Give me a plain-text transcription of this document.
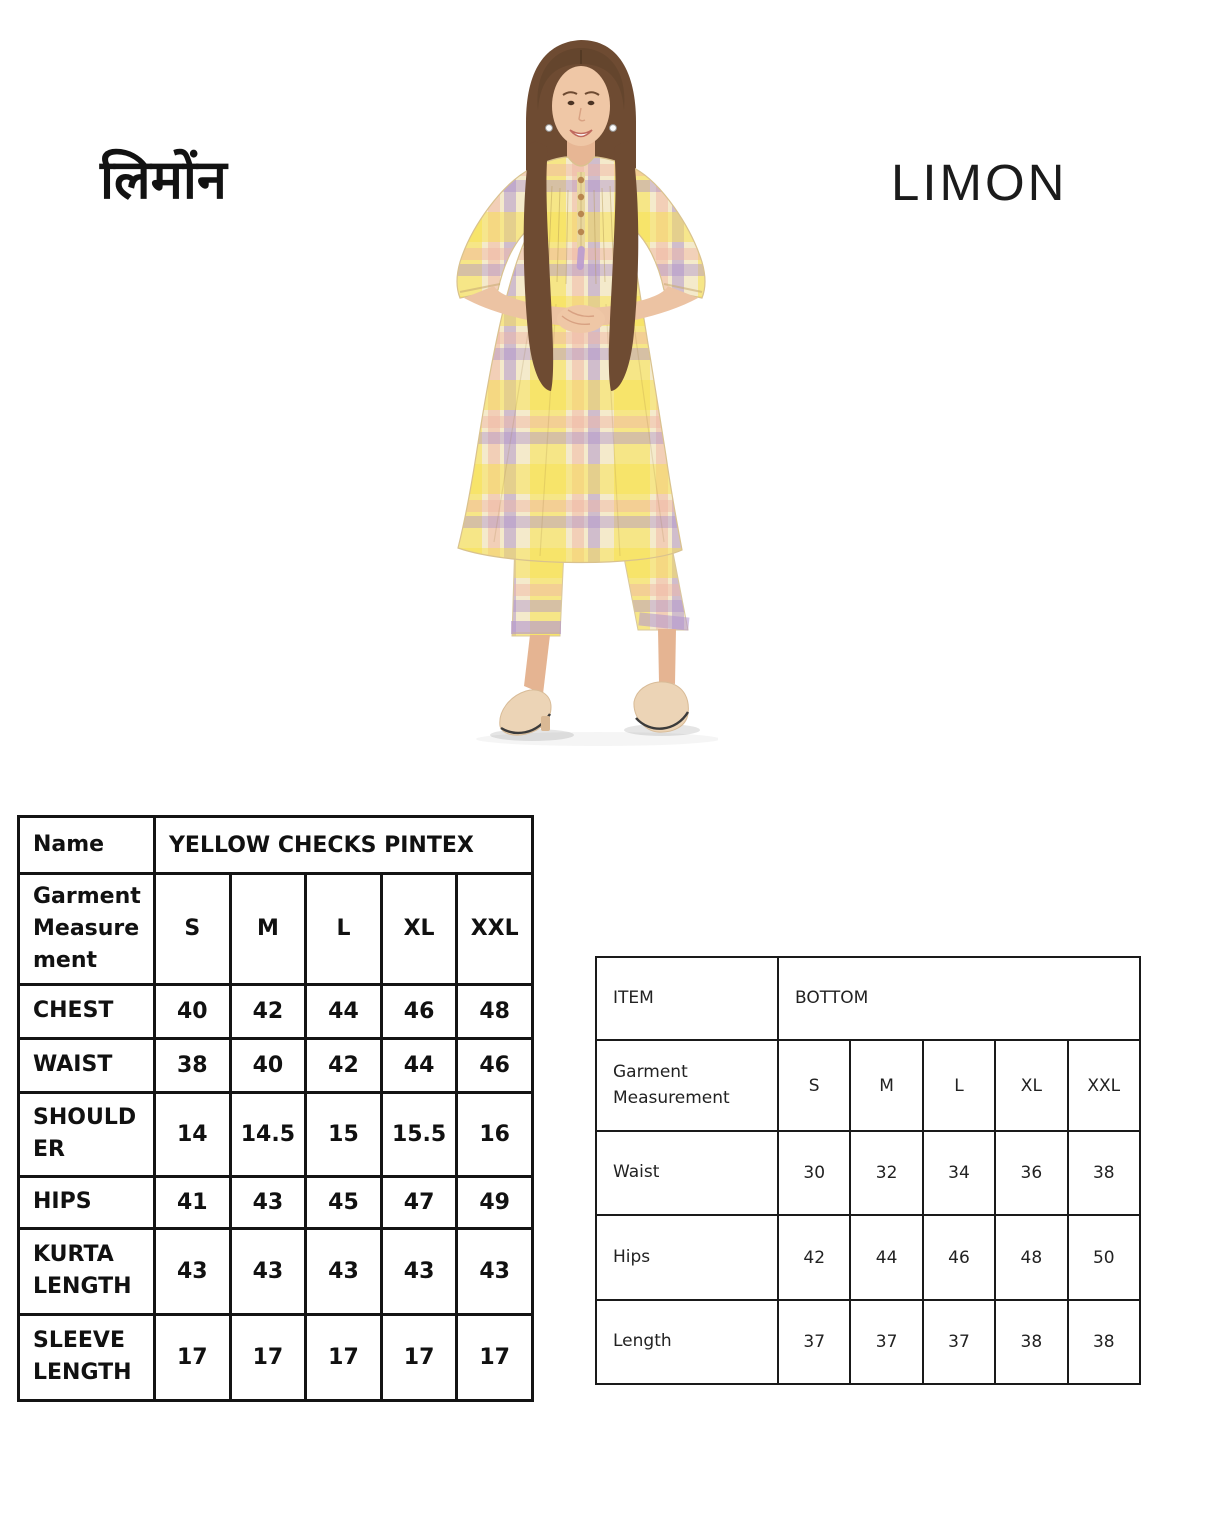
लिमोंन	LIMON
Name	YELLOW CHECKS PINTEX				
Garment Measurement	S	M	L	XL	XXL
CHEST	40	42	44	46	48
WAIST	38	40	42	44	46
SHOULDER	14	14.5	15	15.5	16
HIPS	41	43	45	47	49
KURTA LENGTH	43	43	43	43	43
SLEEVE LENGTH	17	17	17	17	17
ITEM	BOTTOM				
Garment Measurement	S	M	L	XL	XXL
Waist	30	32	34	36	38
Hips	42	44	46	48	50
Length	37	37	37	38	38
